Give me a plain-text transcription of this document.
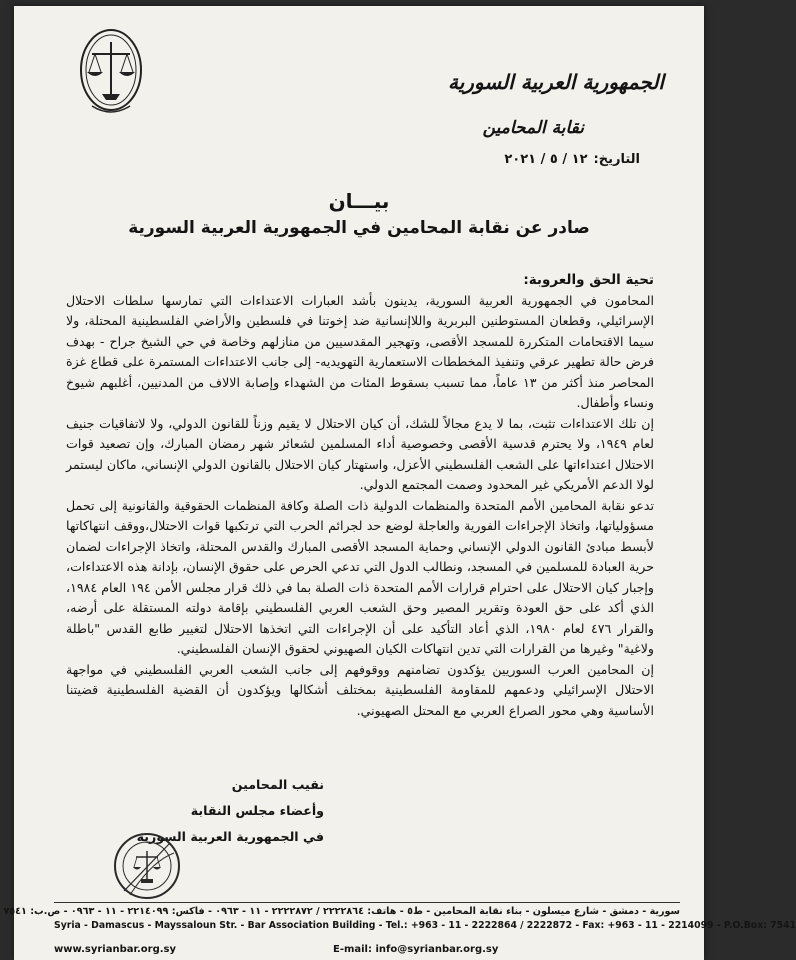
الجمهورية العربية السورية
نقابة المحامين
التاريخ:١٢ / ٥ / ٢٠٢١
بيـــان
صادر عن نقابة المحامين في الجمهورية العربية السورية

تحية الحق والعروبة:

المحامون في الجمهورية العربية السورية، يدينون بأشد العبارات الاعتداءات التي تمارسها سلطات الاحتلال الإسرائيلي، وقطعان المستوطنين البربرية واللاإنسانية ضد إخوتنا في فلسطين والأراضي الفلسطينية المحتلة، ولا سيما الاقتحامات المتكررة للمسجد الأقصى، وتهجير المقدسيين من منازلهم وخاصة في حي الشيخ جراح - بهدف فرض حالة تطهير عرقي وتنفيذ المخططات الاستعمارية التهويديه- إلى جانب الاعتداءات المستمرة على قطاع غزة المحاصر منذ أكثر من ١٣ عاماً، مما تسبب بسقوط المئات من الشهداء وإصابة الالاف من المدنيين، أغلبهم شيوخ ونساء وأطفال.

إن تلك الاعتداءات تثبت، بما لا يدع مجالاً للشك، أن كيان الاحتلال لا يقيم وزناً للقانون الدولي، ولا لاتفاقيات جنيف لعام ١٩٤٩، ولا يحترم قدسية الأقصى وخصوصية أداء المسلمين لشعائر شهر رمضان المبارك، وإن تصعيد قوات الاحتلال اعتداءاتها على الشعب الفلسطيني الأعزل، واستهتار كيان الاحتلال بالقانون الدولي الإنساني، ماكان ليستمر لولا الدعم الأمريكي غير المحدود وصمت المجتمع الدولي.

تدعو نقابة المحامين الأمم المتحدة والمنظمات الدولية ذات الصلة وكافة المنظمات الحقوقية والقانونية إلى تحمل مسؤولياتها، واتخاذ الإجراءات الفورية والعاجلة لوضع حد لجرائم الحرب التي ترتكبها قوات الاحتلال،ووقف انتهاكاتها لأبسط مبادئ القانون الدولي الإنساني وحماية المسجد الأقصى المبارك والقدس المحتلة، واتخاذ الإجراءات لضمان حرية العبادة للمسلمين في المسجد، ونطالب الدول التي تدعي الحرص على حقوق الإنسان، بإدانة هذه الاعتداءات، وإجبار كيان الاحتلال على احترام قرارات الأمم المتحدة ذات الصلة بما في ذلك قرار مجلس الأمن ١٩٤ العام ١٩٨٤، الذي أكد على حق العودة وتقرير المصير وحق الشعب العربي الفلسطيني بإقامة دولته المستقلة على أرضه، والقرار ٤٧٦ لعام ١٩٨٠، الذي أعاد التأكيد على أن الإجراءات التي اتخذها الاحتلال لتغيير طابع القدس "باطلة ولاغية" وغيرها من القرارات التي تدين انتهاكات الكيان الصهيوني لحقوق الإنسان الفلسطيني.

إن المحامين العرب السوريين يؤكدون تضامنهم ووقوفهم إلى جانب الشعب العربي الفلسطيني في مواجهة الاحتلال الإسرائيلي ودعمهم للمقاومة الفلسطينية بمختلف أشكالها ويؤكدون أن القضية الفلسطينية قضيتنا الأساسية وهي محور الصراع العربي مع المحتل الصهيوني.

نقيب المحامين
وأعضاء مجلس النقابة
في الجمهورية العربية السورية
سورية - دمشق - شارع ميسلون - بناء نقابة المحامين - ط٥ - هاتف: ٢٢٢٢٨٦٤ / ٢٢٢٢٨٧٢ - ١١ - ٠٩٦٣ - فاكس: ٢٢١٤٠٩٩ - ١١ - ٠٩٦٣ - ص.ب: ٧٥٤١
Syria - Damascus - Mayssaloun Str. - Bar Association Building - Tel.: +963 - 11 - 2222864 / 2222872 - Fax: +963 - 11 - 2214099 - P.O.Box: 7541
www.syrianbar.org.sy	E-mail: info@syrianbar.org.sy
